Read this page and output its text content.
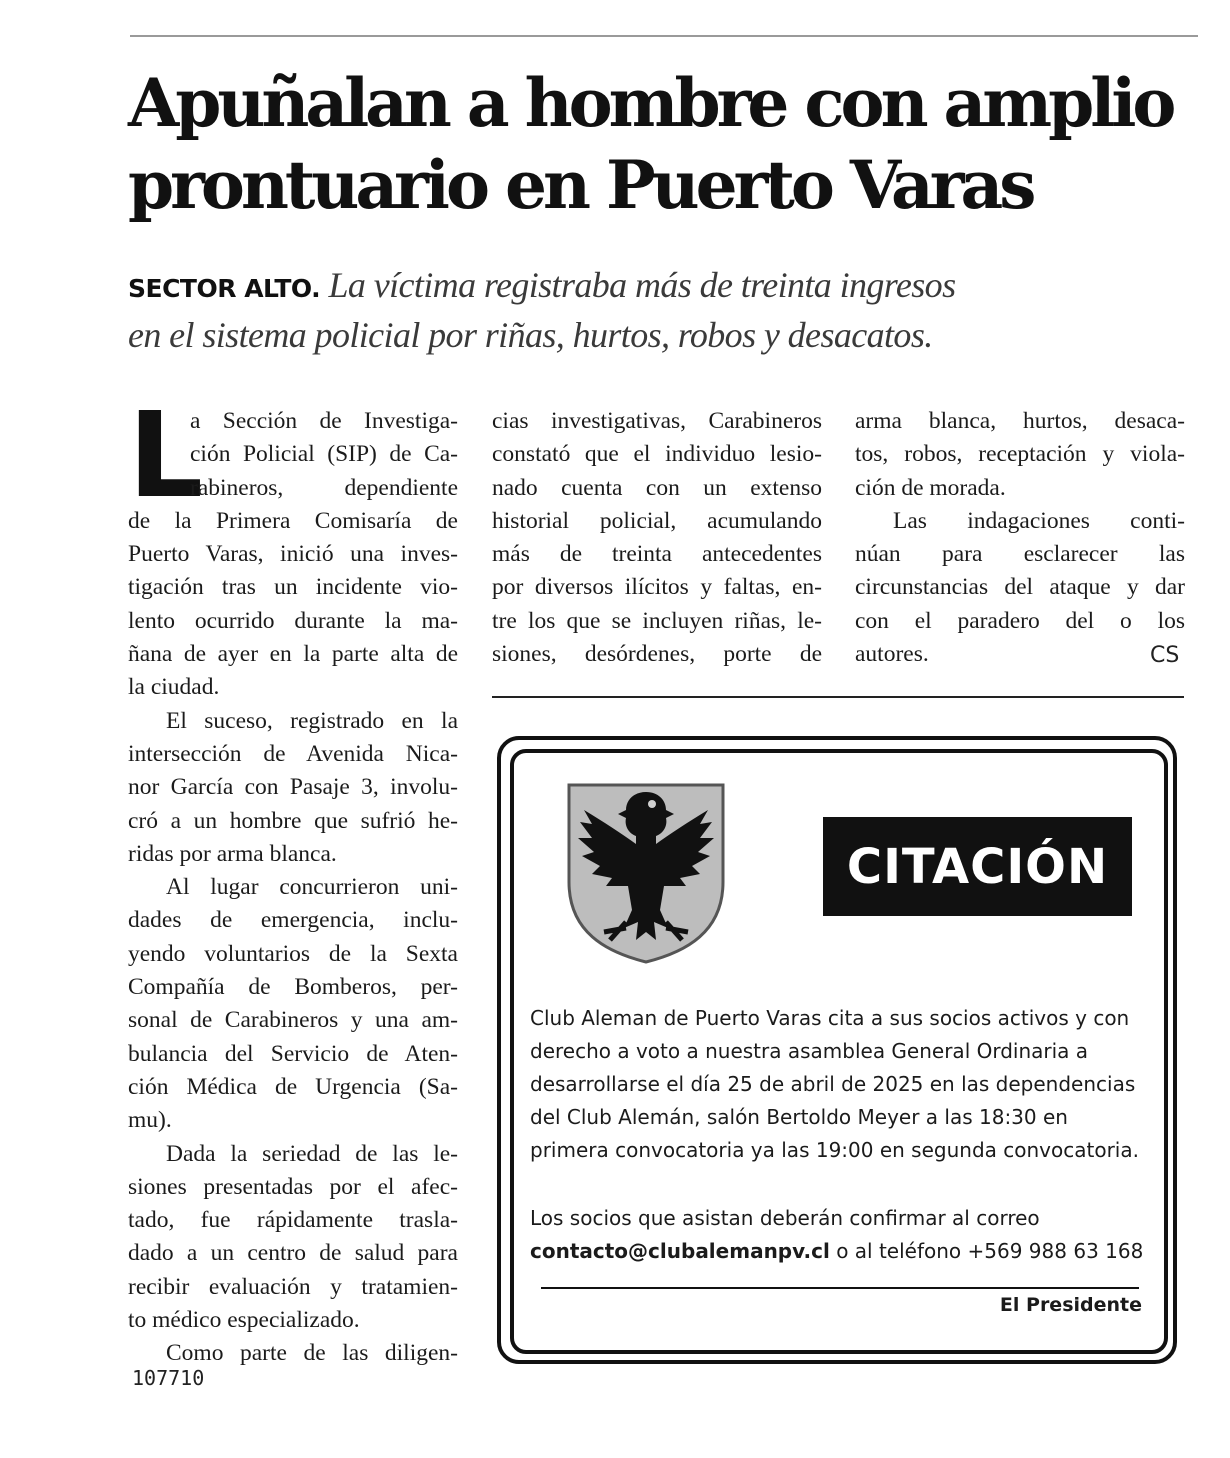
Apuñalan a hombre con amplio
prontuario en Puerto Varas
SECTOR ALTO. La víctima registraba más de treinta ingresos
en el sistema policial por riñas, hurtos, robos y desacatos.
L
a Sección de Investiga-
ción Policial (SIP) de Ca-
rabineros, dependiente
de la Primera Comisaría de
Puerto Varas, inició una inves-
tigación tras un incidente vio-
lento ocurrido durante la ma-
ñana de ayer en la parte alta de
la ciudad.
El suceso, registrado en la
intersección de Avenida Nica-
nor García con Pasaje 3, involu-
cró a un hombre que sufrió he-
ridas por arma blanca.
Al lugar concurrieron uni-
dades de emergencia, inclu-
yendo voluntarios de la Sexta
Compañía de Bomberos, per-
sonal de Carabineros y una am-
bulancia del Servicio de Aten-
ción Médica de Urgencia (Sa-
mu).
Dada la seriedad de las le-
siones presentadas por el afec-
tado, fue rápidamente trasla-
dado a un centro de salud para
recibir evaluación y tratamien-
to médico especializado.
Como parte de las diligen-
cias investigativas, Carabineros
constató que el individuo lesio-
nado cuenta con un extenso
historial policial, acumulando
más de treinta antecedentes
por diversos ilícitos y faltas, en-
tre los que se incluyen riñas, le-
siones, desórdenes, porte de
arma blanca, hurtos, desaca-
tos, robos, receptación y viola-
ción de morada.
Las indagaciones conti-
núan para esclarecer las
circunstancias del ataque y dar
con el paradero del o los
autores.	CS
107710
CITACIÓN
Club Aleman de Puerto Varas cita a sus socios activos y con
derecho a voto a nuestra asamblea General Ordinaria a
desarrollarse el día 25 de abril de 2025 en las dependencias
del Club Alemán, salón Bertoldo Meyer a las 18:30 en
primera convocatoria ya las 19:00 en segunda convocatoria.
Los socios que asistan deberán confirmar al correo
contacto@clubalemanpv.cl o al teléfono +569 988 63 168
El Presidente
